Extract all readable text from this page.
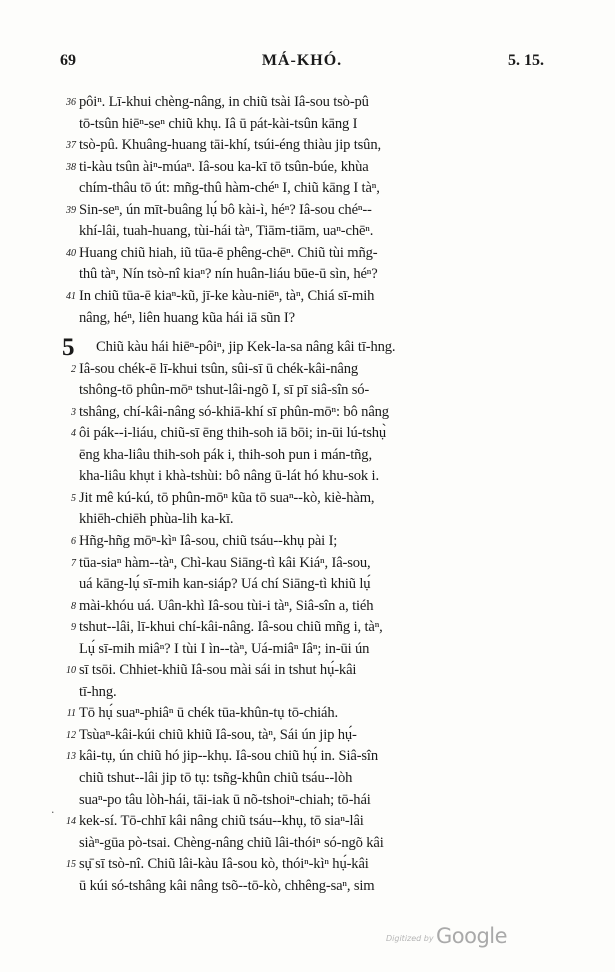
69	MÁ-KHÓ.	5. 15.
36 pôiⁿ. Lī-khui chèng-nâng, in chiũ tsài Iâ-sou tsò-pû
tō-tsûn hiēⁿ-seⁿ chiũ khụ. Iâ ū pát-kài-tsûn kāng I
37 tsò-pû. Khuâng-huang tāi-khí, tsúi-éng thiàu jip tsûn,
38 ti-kàu tsûn àiⁿ-múaⁿ. Iâ-sou ka-kī tō tsûn-búe, khùa
chím-thâu tō út: mñg-thû hàm-chéⁿ I, chiũ kāng I tàⁿ,
39 Sin-seⁿ, ún mīt-buâng lụ́ bô kài-ì, héⁿ? Iâ-sou chéⁿ--
khí-lâi, tuah-huang, tùi-hái tàⁿ, Tiām-tiām, uaⁿ-chēⁿ.
40 Huang chiũ hiah, iũ tūa-ē phêng-chēⁿ. Chiũ tùi mñg-
thû tàⁿ, Nín tsò-nî kiaⁿ? nín huân-liáu būe-ū sìn, héⁿ?
41 In chiũ tūa-ē kiaⁿ-kũ, jī-ke kàu-niēⁿ, tàⁿ, Chiá sī-mih
nâng, héⁿ, liên huang kũa hái iā sũn I?
Chiũ kàu hái hiēⁿ-pôiⁿ, jip Kek-la-sa nâng kâi tī-hng.
2 Iâ-sou chék-ē lī-khui tsûn, sûi-sī ū chék-kâi-nâng
tshông-tō phûn-mōⁿ tshut-lâi-ngõ I, sī pī siâ-sîn só-
3 tshâng, chí-kâi-nâng só-khiā-khí sī phûn-mōⁿ: bô nâng
4 ôi pák--i-liáu, chiũ-sī ēng thih-soh iā bōi; in-ūi lú-tshụ̀
ēng kha-liâu thih-soh pák i, thih-soh pun i mán-tñg,
kha-liâu khụt i khà-tshùi: bô nâng ū-lát hó khu-sok i.
5 Jit mê kú-kú, tō phûn-mōⁿ kũa tō suaⁿ--kò, kiè-hàm,
khiēh-chiēh phùa-lih ka-kī.
6 Hñg-hñg mōⁿ-kìⁿ Iâ-sou, chiũ tsáu--khụ pài I;
7 tūa-siaⁿ hàm--tàⁿ, Chì-kau Siāng-tì kâi Kiáⁿ, Iâ-sou,
uá kāng-lụ́ sī-mih kan-siáp? Uá chí Siāng-tì khiũ lụ́
8 mài-khóu uá. Uân-khì Iâ-sou tùi-i tàⁿ, Siâ-sîn a, tiéh
9 tshut--lâi, lī-khui chí-kâi-nâng. Iâ-sou chiũ mñg i, tàⁿ,
Lụ́ sī-mih miâⁿ? I tùi I ìn--tàⁿ, Uá-miâⁿ Iâⁿ; in-ūi ún
10 sī tsōi. Chhiet-khiũ Iâ-sou mài sái in tshut hụ́-kâi
tī-hng.
11 Tō hụ́ suaⁿ-phiâⁿ ū chék tūa-khûn-tụ tō-chiáh.
12 Tsùaⁿ-kâi-kúi chiũ khiũ Iâ-sou, tàⁿ, Sái ún jip hụ́-
13 kâi-tụ, ún chiũ hó jip--khụ. Iâ-sou chiũ hụ́ in. Siâ-sîn
chiũ tshut--lâi jip tō tụ: tsñg-khûn chiũ tsáu--lòh
suaⁿ-po tâu lòh-hái, tāi-iak ū nõ-tshoiⁿ-chiah; tō-hái
14 kek-sí. Tō-chhī kâi nâng chiũ tsáu--khụ, tō siaⁿ-lâi
siàⁿ-gūa pò-tsai. Chèng-nâng chiũ lâi-thóiⁿ só-ngõ kâi
15 sụ̄ sī tsò-nî. Chiũ lâi-kàu Iâ-sou kò, thóiⁿ-kìⁿ hụ́-kâi
ū kúi só-tshâng kâi nâng tsõ--tō-kò, chhêng-saⁿ, sim
5
·
Digitized by Google
